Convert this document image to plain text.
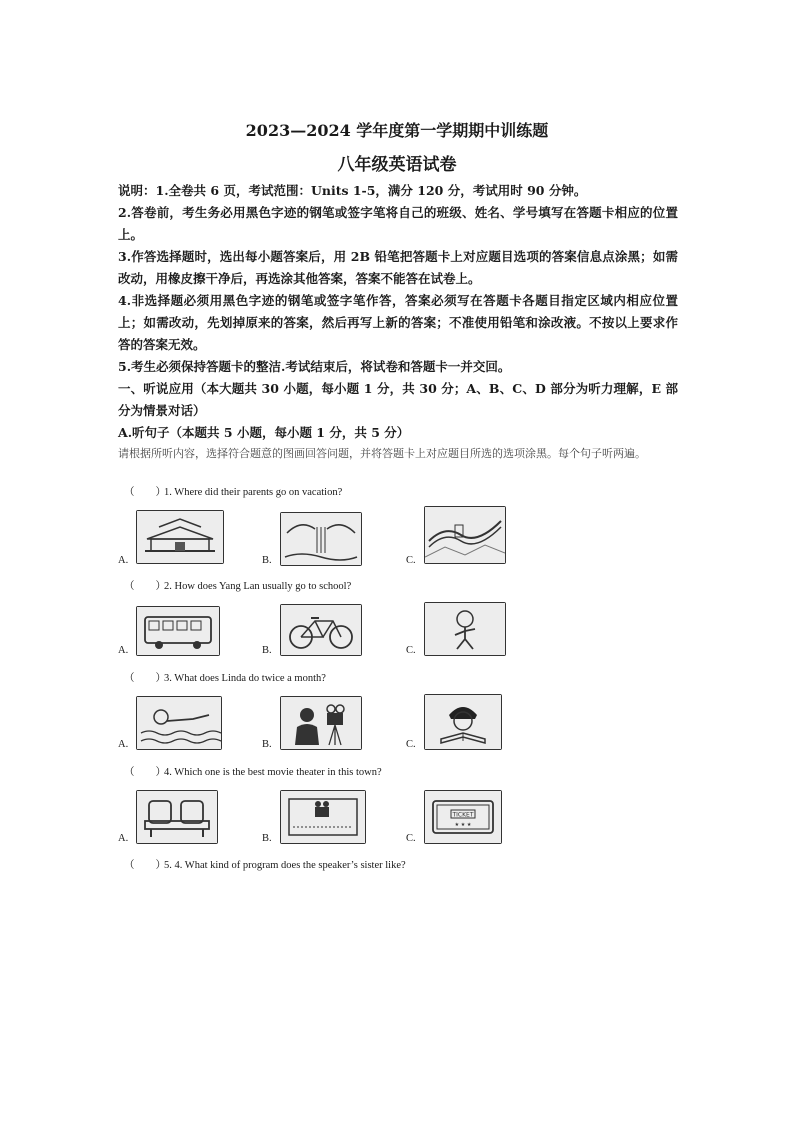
2023—2024 学年度第一学期期中训练题
八年级英语试卷
说明：1.全卷共 6 页，考试范围：Units 1-5，满分 120 分，考试用时 90 分钟。
2.答卷前，考生务必用黑色字迹的钢笔或签字笔将自己的班级、姓名、学号填写在答题卡相应的位置上。
3.作答选择题时，选出每小题答案后，用 2B 铅笔把答题卡上对应题目选项的答案信息点涂黑；如需改动，用橡皮擦干净后，再选涂其他答案，答案不能答在试卷上。
4.非选择题必须用黑色字迹的钢笔或签字笔作答，答案必须写在答题卡各题目指定区域内相应位置上；如需改动，先划掉原来的答案，然后再写上新的答案；不准使用铅笔和涂改液。不按以上要求作答的答案无效。
5.考生必须保持答题卡的整洁.考试结束后，将试卷和答题卡一并交回。
一、听说应用（本大题共 30 小题，每小题 1 分，共 30 分；A、B、C、D 部分为听力理解，E 部分为情景对话）
A.听句子（本题共 5 小题，每小题 1 分，共 5 分）
请根据所听内容，选择符合题意的图画回答问题，并将答题卡上对应题目所选的选项涂黑。每个句子听两遍。
（　　）1. Where did their parents go on vacation?
A.	B.	C.
（　　）2. How does Yang Lan usually go to school?
A.	B.	C.
（　　）3. What does Linda do twice a month?
A.	B.	C.
（　　）4. Which one is the best movie theater in this town?
A.	B.	C.
TICKET
★ ★ ★
（　　）5. 4. What kind of program does the speaker’s sister like?
